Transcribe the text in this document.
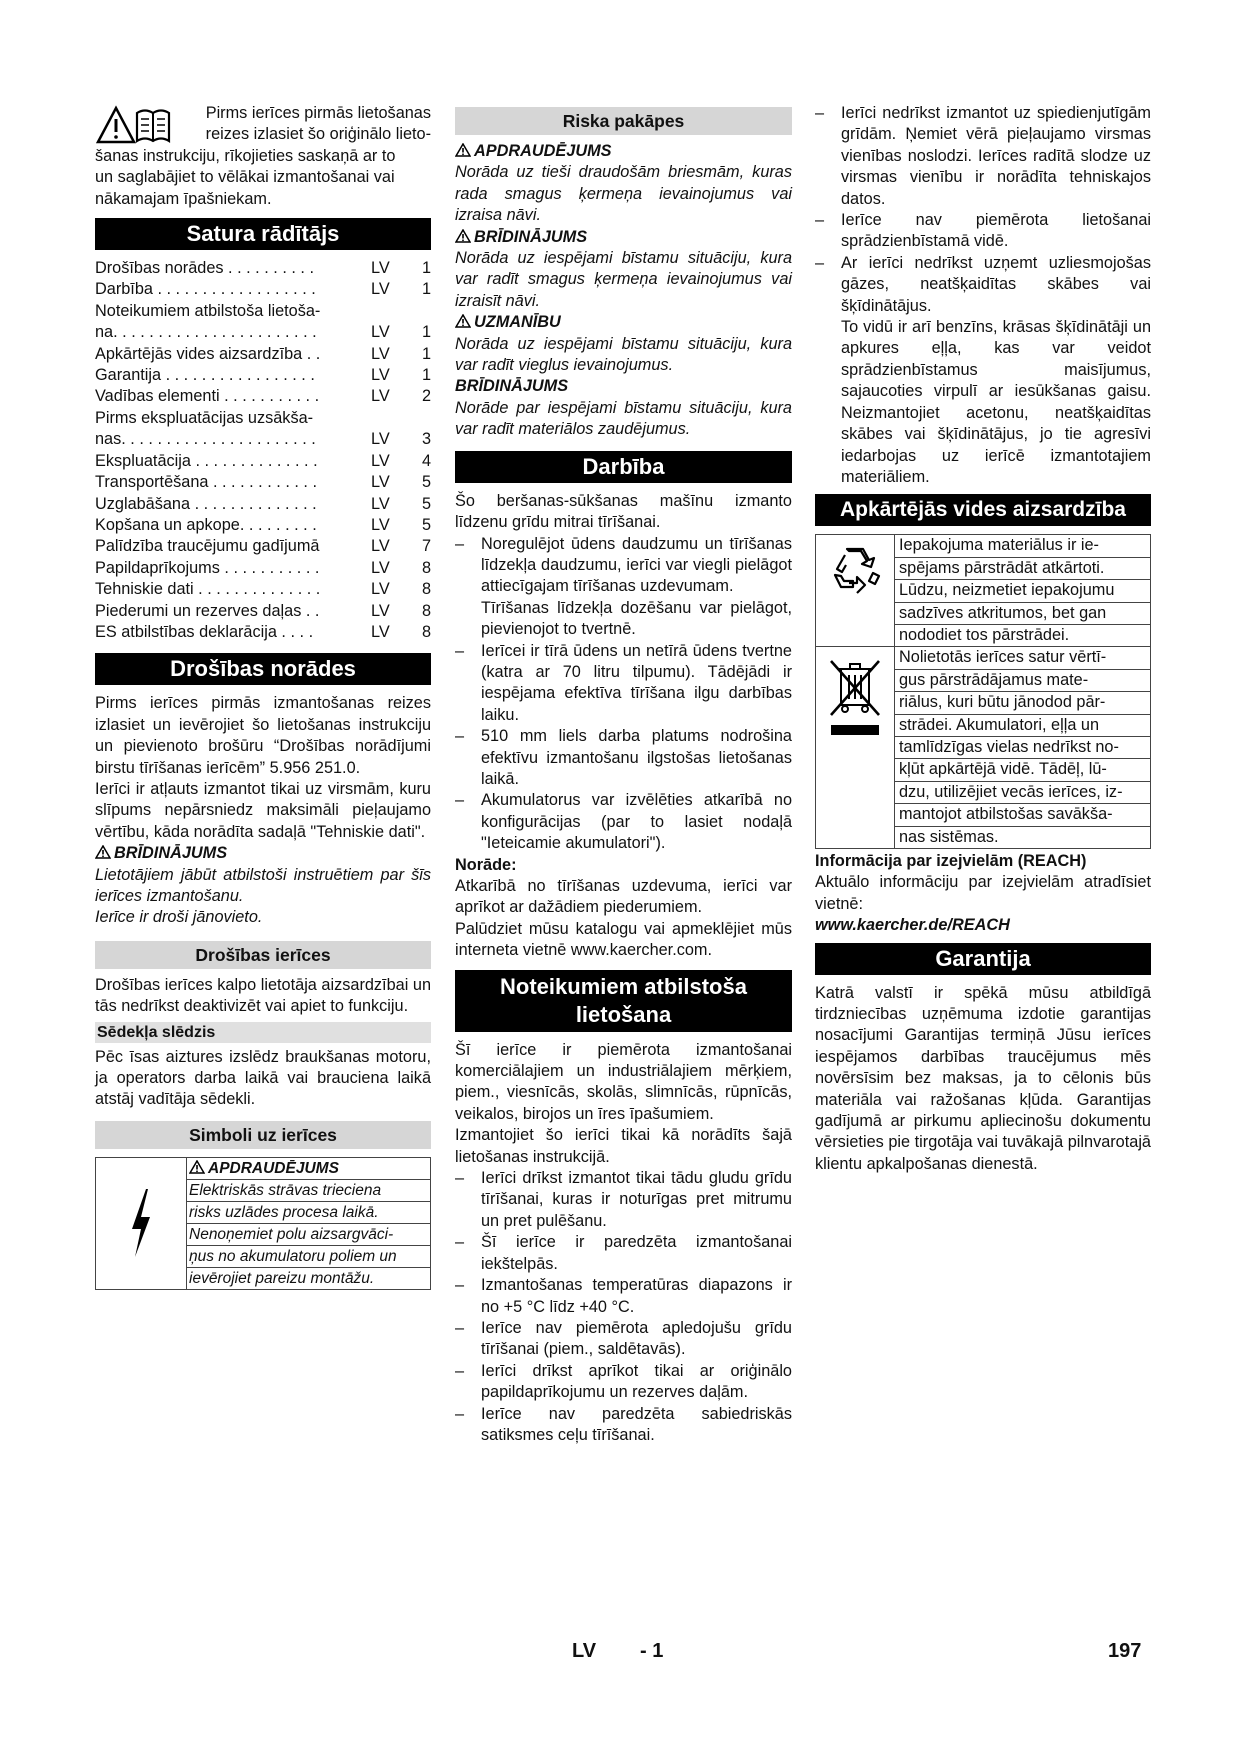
Pirms ierīces pirmās lietošanas
reizes izlasiet šo oriģinālo lieto-
šanas instrukciju, rīkojieties saskaņā ar to
un saglabājiet to vēlākai izmantošanai vai
nākamajam īpašniekam.
Satura rādītājs
Drošības norādes . . . . . . . . . .	LV	1
Darbība . . . . . . . . . . . . . . . . . .	LV	1
Noteikumiem atbilstoša lietoša-
na. . . . . . . . . . . . . . . . . . . . . . .	LV	1
Apkārtējās vides aizsardzība . .	LV	1
Garantija . . . . . . . . . . . . . . . . .	LV	1
Vadības elementi . . . . . . . . . . .	LV	2
Pirms ekspluatācijas uzsākša-
nas. . . . . . . . . . . . . . . . . . . . . .	LV	3
Ekspluatācija . . . . . . . . . . . . . .	LV	4
Transportēšana . . . . . . . . . . . .	LV	5
Uzglabāšana . . . . . . . . . . . . . .	LV	5
Kopšana un apkope. . . . . . . . .	LV	5
Palīdzība traucējumu gadījumā	LV	7
Papildaprīkojums . . . . . . . . . . .	LV	8
Tehniskie dati . . . . . . . . . . . . . .	LV	8
Piederumi un rezerves daļas . .	LV	8
ES atbilstības deklarācija . . . .	LV	8
Drošības norādes

Pirms ierīces pirmās izmantošanas reizes izlasiet un ievērojiet šo lietošanas instrukciju un pievienoto brošūru “Drošības norādījumi birstu tīrīšanas ierīcēm” 5.956 251.0.

Ierīci ir atļauts izmantot tikai uz virsmām, kuru slīpums nepārsniedz maksimāli pieļaujamo vērtību, kāda norādīta sadaļā "Tehniskie dati".

BRĪDINĀJUMS

Lietotājiem jābūt atbilstoši instruētiem par šīs ierīces izmantošanu.

Ierīce ir droši jānovieto.

Drošības ierīces

Drošības ierīces kalpo lietotāja aizsardzībai un tās nedrīkst deaktivizēt vai apiet to funkciju.

Sēdekļa slēdzis

Pēc īsas aiztures izslēdz braukšanas motoru, ja operators darba laikā vai brauciena laikā atstāj vadītāja sēdekli.

Simboli uz ierīces
APDRAUDĒJUMS
Elektriskās strāvas trieciena
risks uzlādes procesa laikā.
Nenoņemiet polu aizsargvāci-
ņus no akumulatoru poliem un
ievērojiet pareizu montāžu.
Riska pakāpes
APDRAUDĒJUMS

Norāda uz tieši draudošām briesmām, kuras rada smagus ķermeņa ievainojumus vai izraisa nāvi.

BRĪDINĀJUMS

Norāda uz iespējami bīstamu situāciju, kura var radīt smagus ķermeņa ievainojumus vai izraisīt nāvi.

UZMANĪBU

Norāda uz iespējami bīstamu situāciju, kura var radīt vieglus ievainojumus.

BRĪDINĀJUMS

Norāde par iespējami bīstamu situāciju, kura var radīt materiālos zaudējumus.

Darbība

Šo beršanas-sūkšanas mašīnu izmanto līdzenu grīdu mitrai tīrīšanai.

–	Noregulējot ūdens daudzumu un tīrīšanas līdzekļa daudzumu, ierīci var viegli pielāgot attiecīgajam tīrīšanas uzdevumam.
Tīrīšanas līdzekļa dozēšanu var pielāgot, pievienojot to tvertnē.
–	Ierīcei ir tīrā ūdens un netīrā ūdens tvertne (katra ar 70 litru tilpumu). Tādējādi ir iespējama efektīva tīrīšana ilgu darbības laiku.
–	510 mm liels darba platums nodrošina efektīvu izmantošanu ilgstošas lietošanas laikā.
–	Akumulatorus var izvēlēties atkarībā no konfigurācijas (par to lasiet nodaļā "Ieteicamie akumulatori").
Norāde:

Atkarībā no tīrīšanas uzdevuma, ierīci var aprīkot ar dažādiem piederumiem.

Palūdziet mūsu katalogu vai apmeklējiet mūs interneta vietnē www.kaercher.com.

Noteikumiem atbilstoša lietošana

Šī ierīce ir piemērota izmantošanai komerciālajiem un industriālajiem mērķiem, piem., viesnīcās, skolās, slimnīcās, rūpnīcās, veikalos, birojos un īres īpašumiem.

Izmantojiet šo ierīci tikai kā norādīts šajā lietošanas instrukcijā.

–	Ierīci drīkst izmantot tikai tādu gludu grīdu tīrīšanai, kuras ir noturīgas pret mitrumu un pret pulēšanu.
–	Šī ierīce ir paredzēta izmantošanai iekštelpās.
–	Izmantošanas temperatūras diapazons ir no +5 °C līdz +40 °C.
–	Ierīce nav piemērota apledojušu grīdu tīrīšanai (piem., saldētavās).
–	Ierīci drīkst aprīkot tikai ar oriģinālo papildaprīkojumu un rezerves daļām.
–	Ierīce nav paredzēta sabiedriskās satiksmes ceļu tīrīšanai.
–	Ierīci nedrīkst izmantot uz spiedienjutīgām grīdām. Ņemiet vērā pieļaujamo virsmas vienības noslodzi. Ierīces radītā slodze uz virsmas vienību ir norādīta tehniskajos datos.
–	Ierīce nav piemērota lietošanai sprādzienbīstamā vidē.
–	Ar ierīci nedrīkst uzņemt uzliesmojošas gāzes, neatšķaidītas skābes vai šķīdinātājus.

To vidū ir arī benzīns, krāsas šķīdinātāji un apkures eļļa, kas var veidot sprādzienbīstamus maisījumus, sajaucoties virpulī ar iesūkšanas gaisu. Neizmantojiet acetonu, neatšķaidītas skābes vai šķīdinātājus, jo tie agresīvi iedarbojas uz ierīcē izmantotajiem materiāliem.

Apkārtējās vides aizsardzība
Iepakojuma materiālus ir ie-
spējams pārstrādāt atkārtoti.
Lūdzu, neizmetiet iepakojumu
sadzīves atkritumos, bet gan
nododiet tos pārstrādei.
Nolietotās ierīces satur vērtī-
gus pārstrādājamus mate-
riālus, kuri būtu jānodod pār-
strādei. Akumulatori, eļļa un
tamlīdzīgas vielas nedrīkst no-
kļūt apkārtējā vidē. Tādēļ, lū-
dzu, utilizējiet vecās ierīces, iz-
mantojot atbilstošas savākša-
nas sistēmas.
Informācija par izejvielām (REACH)

Aktuālo informāciju par izejvielām atradīsiet vietnē:

www.kaercher.de/REACH
Garantija

Katrā valstī ir spēkā mūsu atbildīgā tirdzniecības uzņēmuma izdotie garantijas nosacījumi Garantijas termiņā Jūsu ierīces iespējamos darbības traucējumus mēs novērsīsim bez maksas, ja to cēlonis būs materiāla vai ražošanas kļūda. Garantijas gadījumā ar pirkumu apliecinošu dokumentu vērsieties pie tirgotāja vai tuvākajā pilnvarotajā klientu apkalpošanas dienestā.

LV - 1	197
